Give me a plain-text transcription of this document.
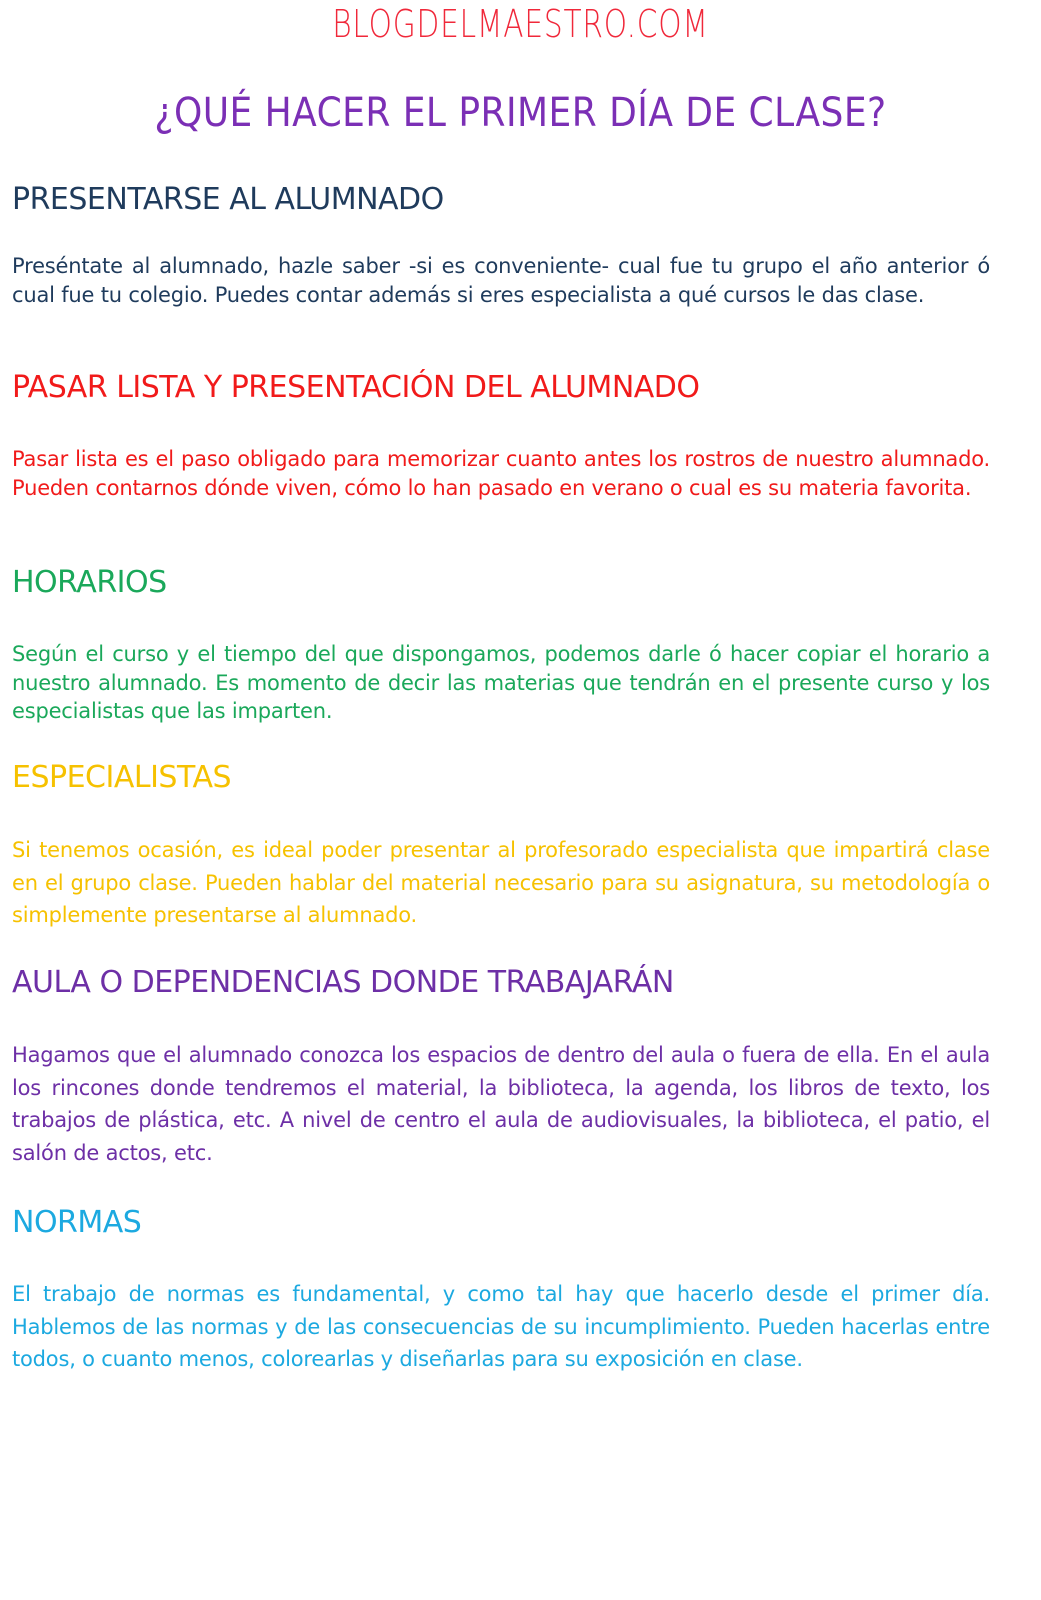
BLOGDELMAESTRO.COM
¿QUÉ HACER EL PRIMER DÍA DE CLASE?
PRESENTARSE AL ALUMNADO

Preséntate al alumnado, hazle saber -si es conveniente- cual fue tu grupo el año anterior ó cual fue tu colegio. Puedes contar además si eres especialista a qué cursos le das clase.

PASAR LISTA Y PRESENTACIÓN DEL ALUMNADO

Pasar lista es el paso obligado para memorizar cuanto antes los rostros de nuestro alumnado. Pueden contarnos dónde viven, cómo lo han pasado en verano o cual es su materia favorita.

HORARIOS

Según el curso y el tiempo del que dispongamos, podemos darle ó hacer copiar el horario a nuestro alumnado. Es momento de decir las materias que tendrán en el presente curso y los especialistas que las imparten.

ESPECIALISTAS

Si tenemos ocasión, es ideal poder presentar al profesorado especialista que impartirá clase en el grupo clase. Pueden hablar del material necesario para su asignatura, su metodología o simplemente presentarse al alumnado.

AULA O DEPENDENCIAS DONDE TRABAJARÁN

Hagamos que el alumnado conozca los espacios de dentro del aula o fuera de ella. En el aula los rincones donde tendremos el material, la biblioteca, la agenda, los libros de texto, los trabajos de plástica, etc. A nivel de centro el aula de audiovisuales, la biblioteca, el patio, el salón de actos, etc.

NORMAS

El trabajo de normas es fundamental, y como tal hay que hacerlo desde el primer día. Hablemos de las normas y de las consecuencias de su incumplimiento. Pueden hacerlas entre todos, o cuanto menos, colorearlas y diseñarlas para su exposición en clase.
